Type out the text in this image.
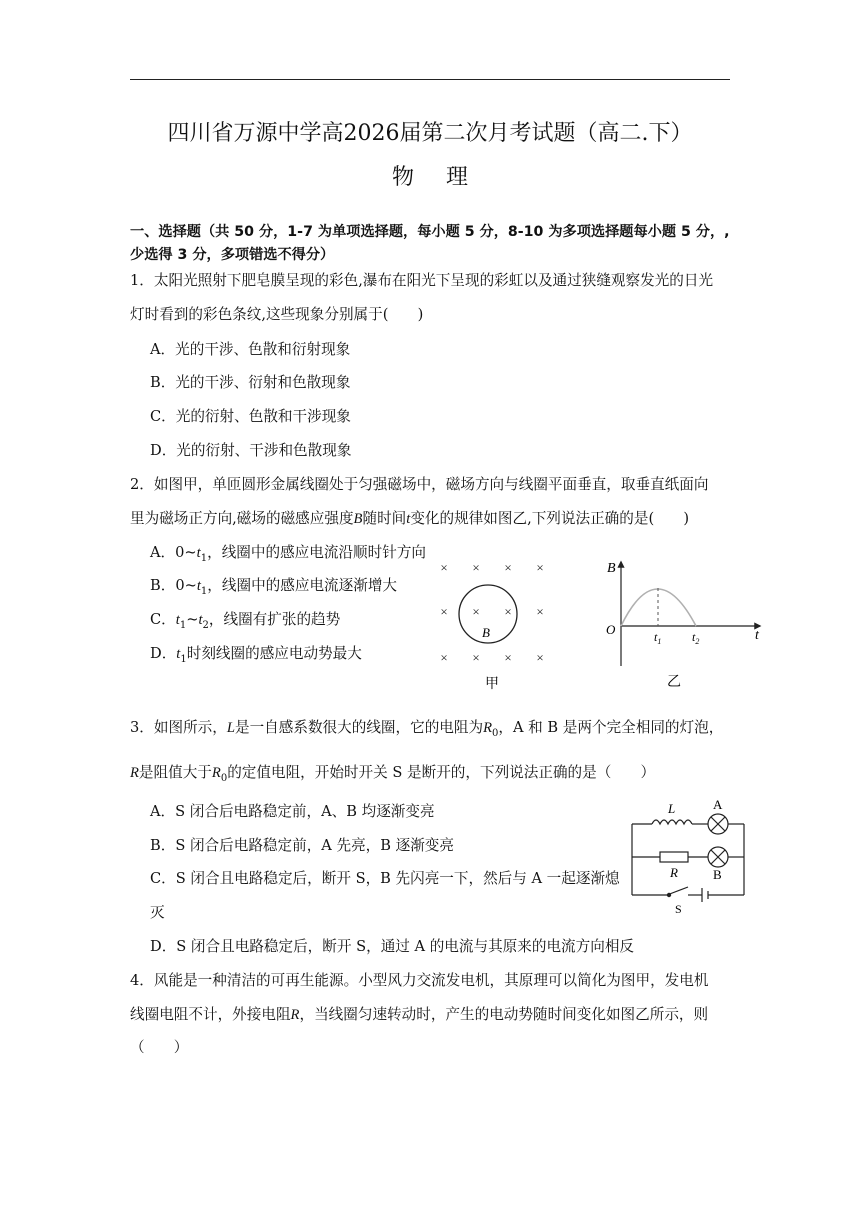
四川省万源中学高2026届第二次月考试题（高二.下）
物 理
一、选择题（共 50 分，1-7 为单项选择题，每小题 5 分，8-10 为多项选择题每小题 5 分，,
少选得 3 分，多项错选不得分）
1．太阳光照射下肥皂膜呈现的彩色,瀑布在阳光下呈现的彩虹以及通过狭缝观察发光的日光
灯时看到的彩色条纹,这些现象分别属于(　　)
A．光的干涉、色散和衍射现象
B．光的干涉、衍射和色散现象
C．光的衍射、色散和干涉现象
D．光的衍射、干涉和色散现象
2．如图甲，单匝圆形金属线圈处于匀强磁场中，磁场方向与线圈平面垂直，取垂直纸面向
里为磁场正方向,磁场的磁感应强度B随时间t变化的规律如图乙,下列说法正确的是(　　)
A．$0\sim t_1$，线圈中的感应电流沿顺时针方向
B．$0\sim t_1$，线圈中的感应电流逐渐增大
C．$t_1\sim t_2$，线圈有扩张的趋势
D．$t_1$时刻线圈的感应电动势最大
× × × ×
× × × ×
× × × ×
B
甲
B
O	t
$t_1$	$t_2$
乙
3．如图所示，L是一自感系数很大的线圈，它的电阻为$R_0$，A 和 B 是两个完全相同的灯泡，
R是阻值大于$R_0$的定值电阻，开始时开关 S 是断开的，下列说法正确的是（　　）
A．S 闭合后电路稳定前，A、B 均逐渐变亮
B．S 闭合后电路稳定前，A 先亮，B 逐渐变亮
C．S 闭合且电路稳定后，断开 S，B 先闪亮一下，然后与 A 一起逐渐熄
灭
D．S 闭合且电路稳定后，断开 S，通过 A 的电流与其原来的电流方向相反
L	A
R	B
S
4．风能是一种清洁的可再生能源。小型风力交流发电机，其原理可以简化为图甲，发电机
线圈电阻不计，外接电阻R，当线圈匀速转动时，产生的电动势随时间变化如图乙所示，则
（　　）
